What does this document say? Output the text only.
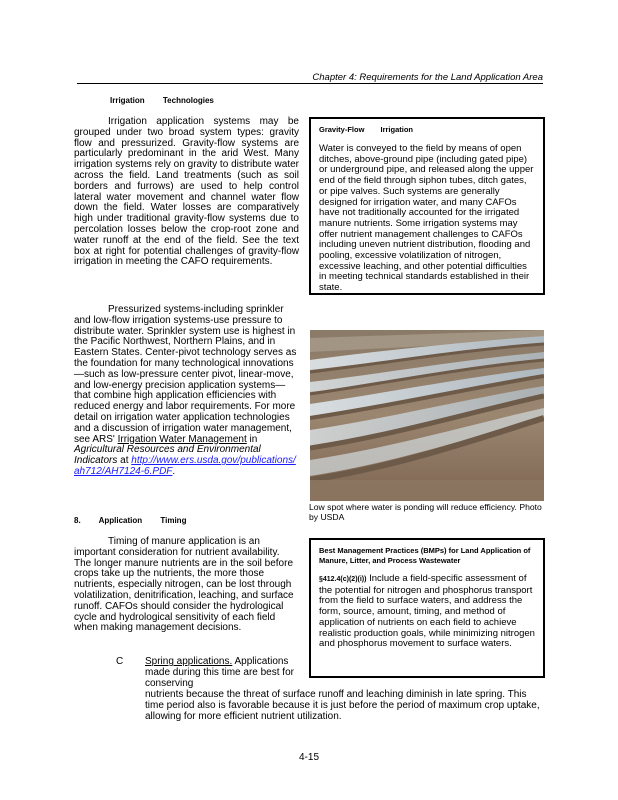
Chapter 4: Requirements for the Land Application Area
Irrigation Technologies
Irrigation application systems may be grouped under two broad system types: gravity flow and pressurized. Gravity-flow systems are particularly predominant in the arid West. Many irrigation systems rely on gravity to distribute water across the field. Land treatments (such as soil borders and furrows) are used to help control lateral water movement and channel water flow down the field. Water losses are comparatively high under traditional gravity-flow systems due to percolation losses below the crop-root zone and water runoff at the end of the field. See the text box at right for potential challenges of gravity-flow irrigation in meeting the CAFO requirements.
Pressurized systems-including sprinkler and low-flow irrigation systems-use pressure to distribute water. Sprinkler system use is highest in the Pacific Northwest, Northern Plains, and in Eastern States. Center-pivot technology serves as the foundation for many technological innovations—such as low-pressure center pivot, linear-move, and low-energy precision application systems—that combine high application efficiencies with reduced energy and labor requirements. For more detail on irrigation water application technologies and a discussion of irrigation water management, see ARS' Irrigation Water Management in Agricultural Resources and Environmental Indicators at http://www.ers.usda.gov/publications/ah712/AH7124-6.PDF.
Gravity-Flow Irrigation
Water is conveyed to the field by means of open ditches, above-ground pipe (including gated pipe) or underground pipe, and released along the upper end of the field through siphon tubes, ditch gates, or pipe valves. Such systems are generally designed for irrigation water, and many CAFOs have not traditionally accounted for the irrigated manure nutrients. Some irrigation systems may offer nutrient management challenges to CAFOs including uneven nutrient distribution, flooding and pooling, excessive volatilization of nitrogen, excessive leaching, and other potential difficulties in meeting technical standards established in their state.
Low spot where water is ponding will reduce efficiency. Photo by USDA
8. Application Timing
Timing of manure application is an important consideration for nutrient availability. The longer manure nutrients are in the soil before crops take up the nutrients, the more those nutrients, especially nitrogen, can be lost through volatilization, denitrification, leaching, and surface runoff. CAFOs should consider the hydrological cycle and hydrological sensitivity of each field when making management decisions.
C Spring applications. Applications made during this time are best for conserving
nutrients because the threat of surface runoff and leaching diminish in late spring. This time period also is favorable because it is just before the period of maximum crop uptake, allowing for more efficient nutrient utilization.
Best Management Practices (BMPs) for Land Application of Manure, Litter, and Process Wastewater
§412.4(c)(2)(i)) Include a field-specific assessment of the potential for nitrogen and phosphorus transport from the field to surface waters, and address the form, source, amount, timing, and method of application of nutrients on each field to achieve realistic production goals, while minimizing nitrogen and phosphorus movement to surface waters.
4-15
